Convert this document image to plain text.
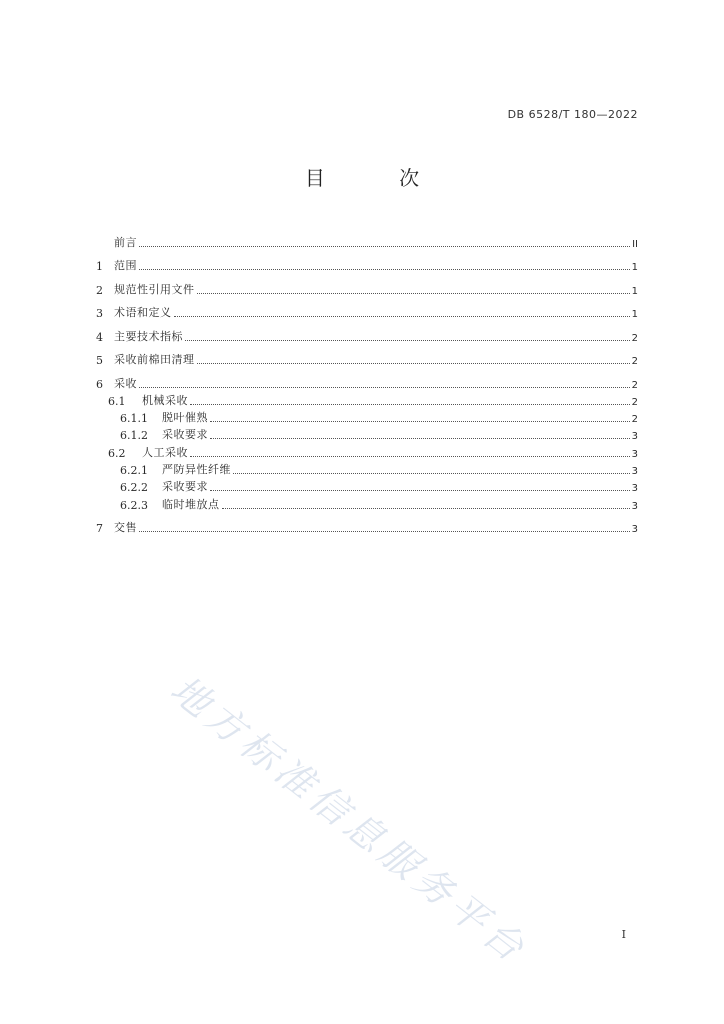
DB 6528/T 180—2022
目 次
前言	II
1	范围	1
2	规范性引用文件	1
3	术语和定义	1
4	主要技术指标	2
5	采收前棉田清理	2
6	采收	2
6.1	机械采收	2
6.1.1	脱叶催熟	2
6.1.2	采收要求	3
6.2	人工采收	3
6.2.1	严防异性纤维	3
6.2.2	采收要求	3
6.2.3	临时堆放点	3
7	交售	3
地方标准信息服务平台	I
